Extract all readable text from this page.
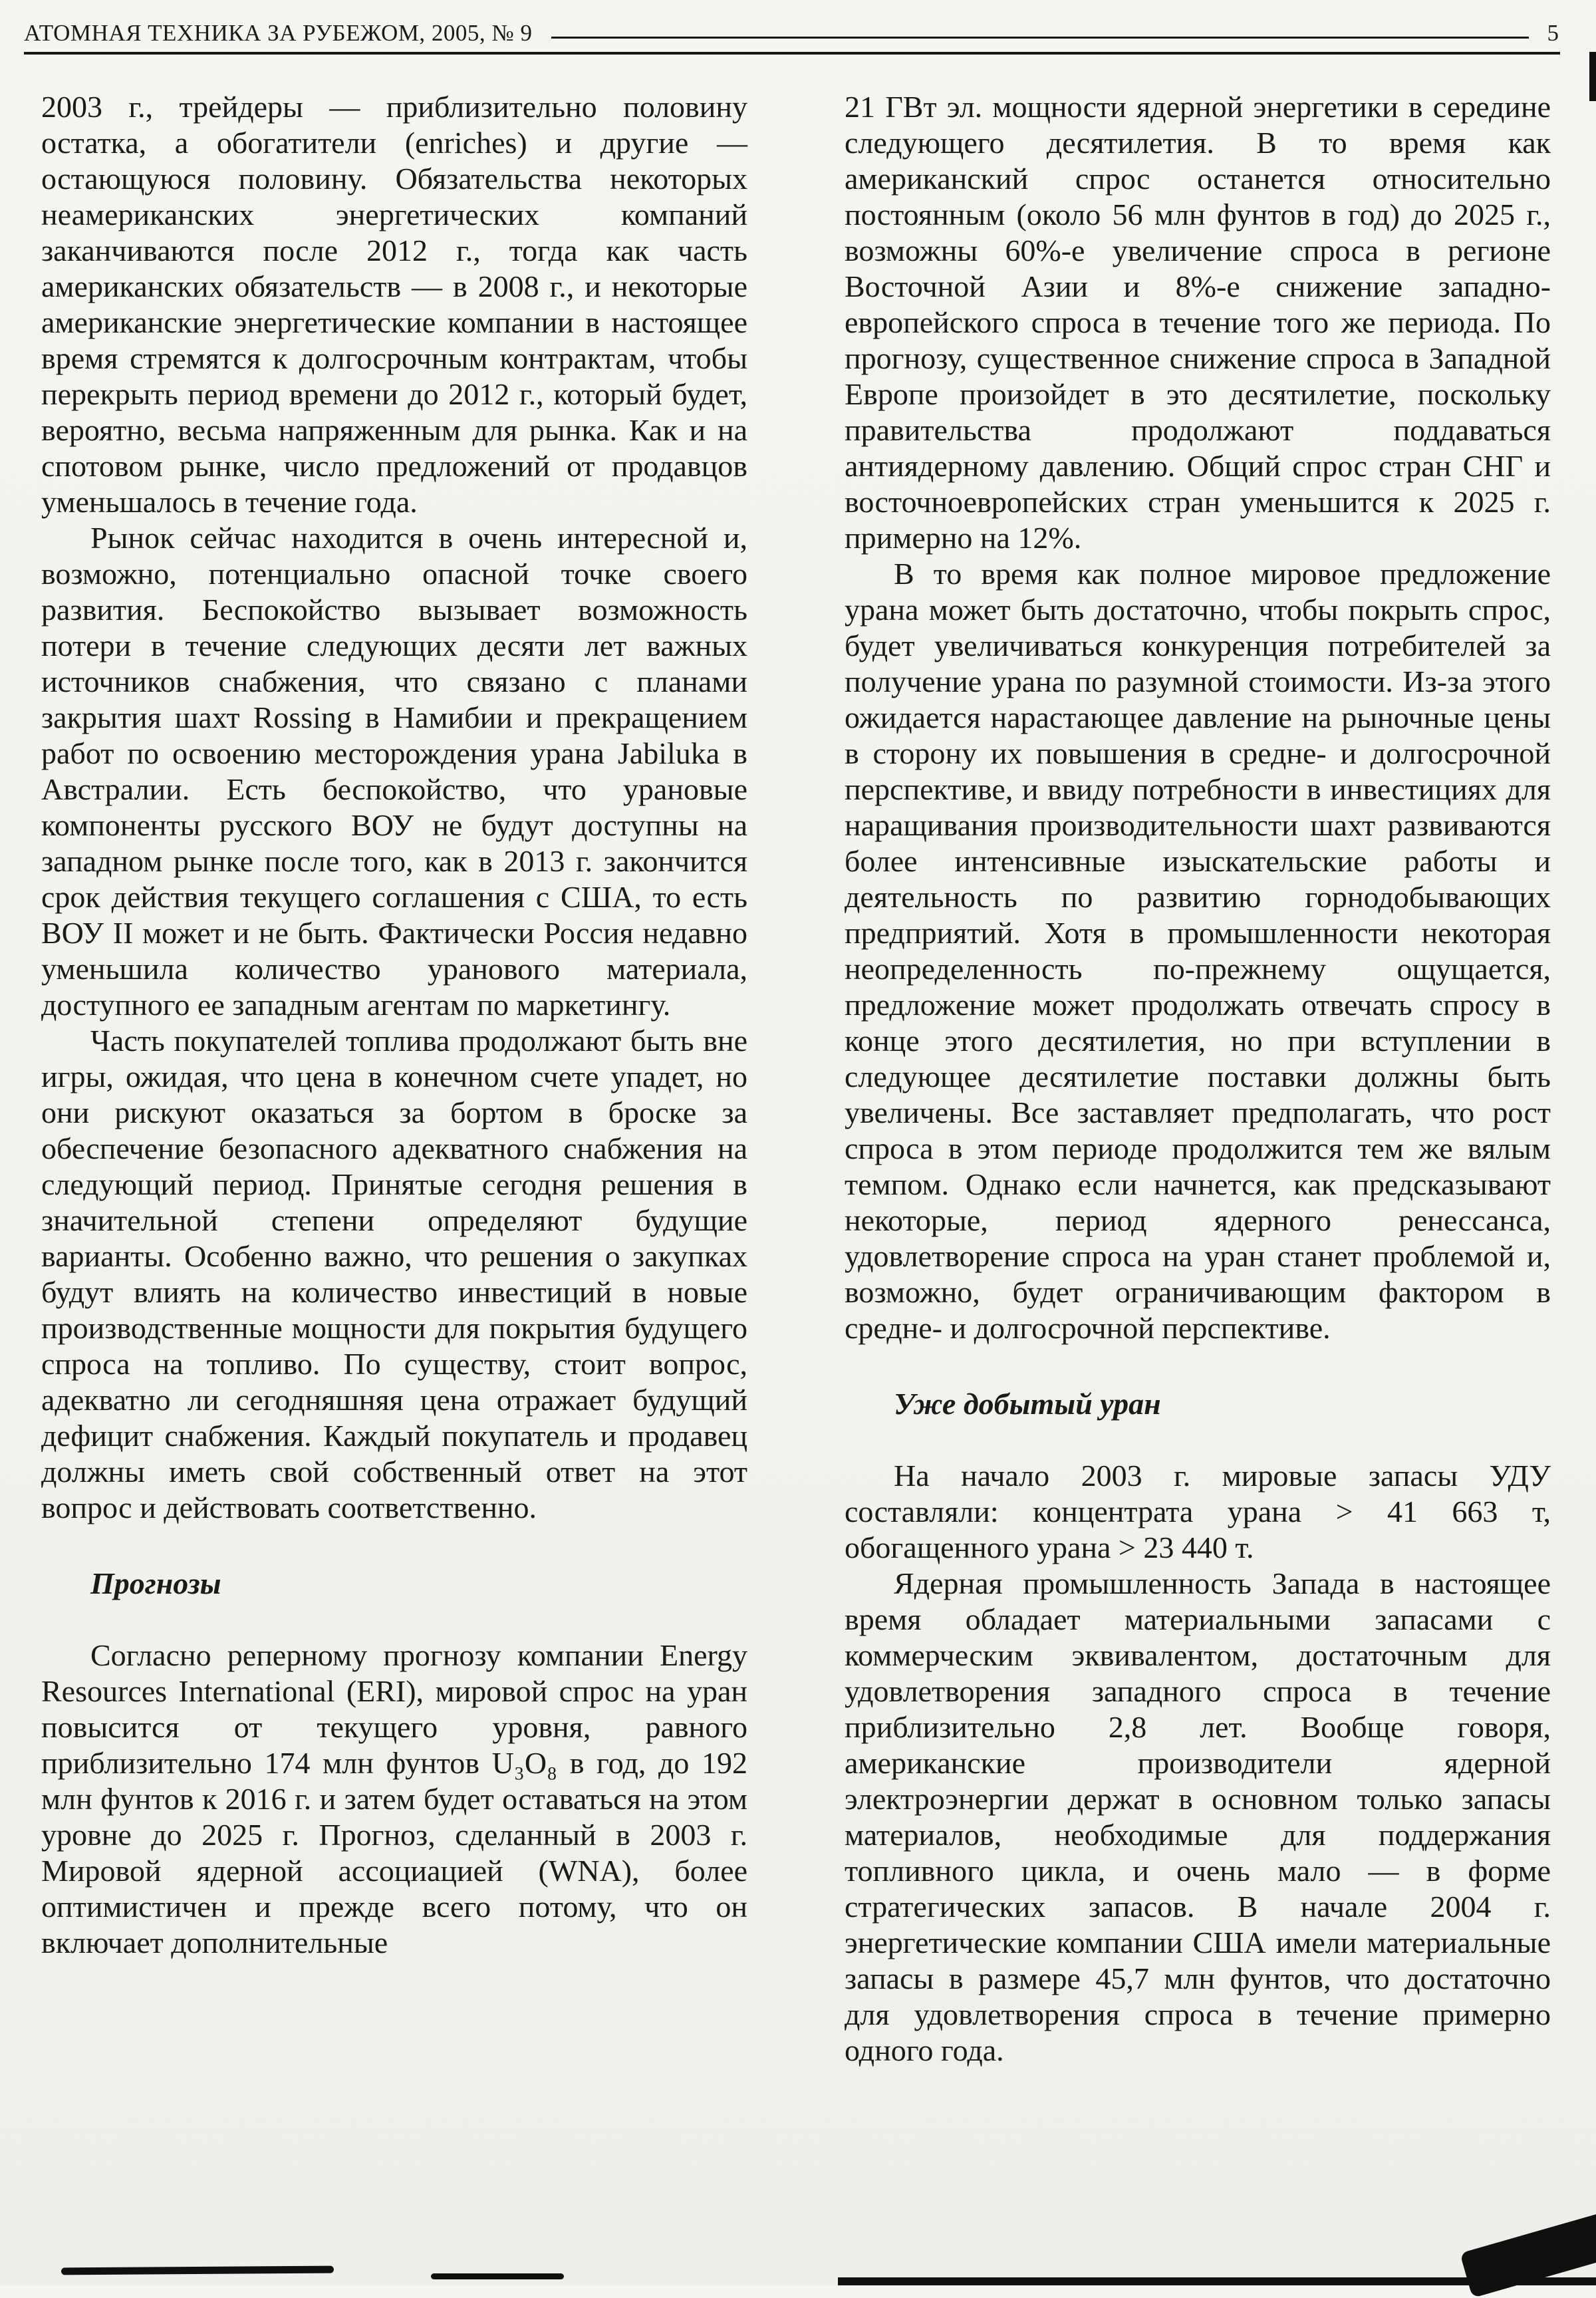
АТОМНАЯ ТЕХНИКА ЗА РУБЕЖОМ, 2005, № 9	5

2003 г., трейдеры — приблизительно половину остатка, а обогатители (enriches) и другие — остающуюся половину. Обязательства некоторых неамериканских энергетических компаний заканчиваются после 2012 г., тогда как часть американских обязательств — в 2008 г., и некоторые американские энергетические компании в настоящее время стремятся к долгосрочным контрактам, чтобы перекрыть период времени до 2012 г., который будет, вероятно, весьма напряженным для рынка. Как и на спотовом рынке, число предложений от продавцов уменьшалось в течение года.

Рынок сейчас находится в очень интересной и, возможно, потенциально опасной точке своего развития. Беспокойство вызывает возможность потери в течение следующих десяти лет важных источников снабжения, что связано с планами закрытия шахт Rossing в Намибии и прекращением работ по освоению месторождения урана Jabiluka в Австралии. Есть беспокойство, что урановые компоненты русского ВОУ не будут доступны на западном рынке после того, как в 2013 г. закончится срок действия текущего соглашения с США, то есть ВОУ II может и не быть. Фактически Россия недавно уменьшила количество уранового материала, доступного ее западным агентам по маркетингу.

Часть покупателей топлива продолжают быть вне игры, ожидая, что цена в конечном счете упадет, но они рискуют оказаться за бортом в броске за обеспечение безопасного адекватного снабжения на следующий период. Принятые сегодня решения в значительной степени определяют будущие варианты. Особенно важно, что решения о закупках будут влиять на количество инвестиций в новые производственные мощности для покрытия будущего спроса на топливо. По существу, стоит вопрос, адекватно ли сегодняшняя цена отражает будущий дефицит снабжения. Каждый покупатель и продавец должны иметь свой собственный ответ на этот вопрос и действовать соответственно.

Прогнозы

Согласно реперному прогнозу компании Energy Resources International (ERI), мировой спрос на уран повысится от текущего уровня, равного приблизительно 174 млн фунтов U₃O₈ в год, до 192 млн фунтов к 2016 г. и затем будет оставаться на этом уровне до 2025 г. Прогноз, сделанный в 2003 г. Мировой ядерной ассоциацией (WNA), более оптимистичен и прежде всего потому, что он включает дополнительные

21 ГВт эл. мощности ядерной энергетики в середине следующего десятилетия. В то время как американский спрос останется относительно постоянным (около 56 млн фунтов в год) до 2025 г., возможны 60%-е увеличение спроса в регионе Восточной Азии и 8%-е снижение западно-европейского спроса в течение того же периода. По прогнозу, существенное снижение спроса в Западной Европе произойдет в это десятилетие, поскольку правительства продолжают поддаваться антиядерному давлению. Общий спрос стран СНГ и восточноевропейских стран уменьшится к 2025 г. примерно на 12%.

В то время как полное мировое предложение урана может быть достаточно, чтобы покрыть спрос, будет увеличиваться конкуренция потребителей за получение урана по разумной стоимости. Из-за этого ожидается нарастающее давление на рыночные цены в сторону их повышения в средне- и долгосрочной перспективе, и ввиду потребности в инвестициях для наращивания производительности шахт развиваются более интенсивные изыскательские работы и деятельность по развитию горнодобывающих предприятий. Хотя в промышленности некоторая неопределенность по-прежнему ощущается, предложение может продолжать отвечать спросу в конце этого десятилетия, но при вступлении в следующее десятилетие поставки должны быть увеличены. Все заставляет предполагать, что рост спроса в этом периоде продолжится тем же вялым темпом. Однако если начнется, как предсказывают некоторые, период ядерного ренессанса, удовлетворение спроса на уран станет проблемой и, возможно, будет ограничивающим фактором в средне- и долгосрочной перспективе.

Уже добытый уран

На начало 2003 г. мировые запасы УДУ составляли: концентрата урана > 41 663 т, обогащенного урана > 23 440 т.

Ядерная промышленность Запада в настоящее время обладает материальными запасами с коммерческим эквивалентом, достаточным для удовлетворения западного спроса в течение приблизительно 2,8 лет. Вообще говоря, американские производители ядерной электроэнергии держат в основном только запасы материалов, необходимые для поддержания топливного цикла, и очень мало — в форме стратегических запасов. В начале 2004 г. энергетические компании США имели материальные запасы в размере 45,7 млн фунтов, что достаточно для удовлетворения спроса в течение примерно одного года.
